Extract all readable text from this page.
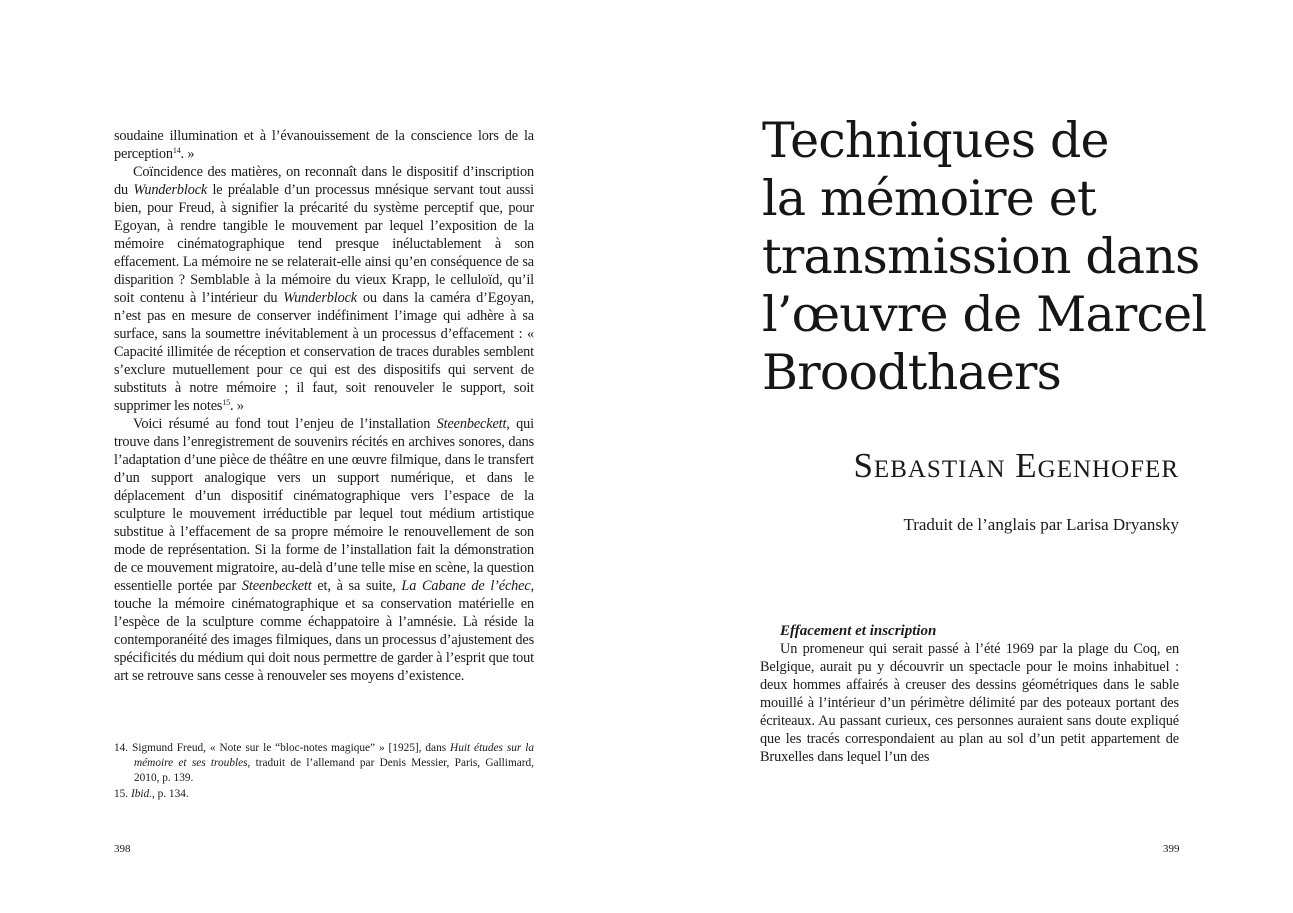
soudaine illumination et à l’évanouissement de la conscience lors de la perception$^{14}$. »

Coïncidence des matières, on reconnaît dans le dispositif d’inscription du Wunderblock le préalable d’un processus mnésique servant tout aussi bien, pour Freud, à signifier la précarité du système perceptif que, pour Egoyan, à rendre tangible le mouvement par lequel l’exposition de la mémoire cinématographique tend presque inéluctablement à son effacement. La mémoire ne se relaterait-elle ainsi qu’en conséquence de sa disparition ? Semblable à la mémoire du vieux Krapp, le celluloïd, qu’il soit contenu à l’intérieur du Wunderblock ou dans la caméra d’Egoyan, n’est pas en mesure de conserver indéfiniment l’image qui adhère à sa surface, sans la soumettre inévitablement à un processus d’effacement : « Capacité illimitée de réception et conservation de traces durables semblent s’exclure mutuellement pour ce qui est des dispositifs qui servent de substituts à notre mémoire ; il faut, soit renouveler le support, soit supprimer les notes$^{15}$. »

Voici résumé au fond tout l’enjeu de l’installation Steenbeckett, qui trouve dans l’enregistrement de souvenirs récités en archives sonores, dans l’adaptation d’une pièce de théâtre en une œuvre filmique, dans le transfert d’un support analogique vers un support numérique, et dans le déplacement d’un dispositif cinématographique vers l’espace de la sculpture le mouvement irréductible par lequel tout médium artistique substitue à l’effacement de sa propre mémoire le renouvellement de son mode de représentation. Si la forme de l’installation fait la démonstration de ce mouvement migratoire, au-delà d’une telle mise en scène, la question essentielle portée par Steenbeckett et, à sa suite, La Cabane de l’échec, touche la mémoire cinématographique et sa conservation matérielle en l’espèce de la sculpture comme échappatoire à l’amnésie. Là réside la contemporanéité des images filmiques, dans un processus d’ajustement des spécificités du médium qui doit nous permettre de garder à l’esprit que tout art se retrouve sans cesse à renouveler ses moyens d’existence.

14. Sigmund Freud, « Note sur le “bloc-notes magique” » [1925], dans Huit études sur la mémoire et ses troubles, traduit de l’allemand par Denis Messier, Paris, Gallimard, 2010, p. 139.

15. Ibid., p. 134.

398
Techniques de
la mémoire et
transmission dans
l’œuvre de Marcel
Broodthaers
Sebastian Egenhofer
Traduit de l’anglais par Larisa Dryansky
Effacement et inscription

Un promeneur qui serait passé à l’été 1969 par la plage du Coq, en Belgique, aurait pu y découvrir un spectacle pour le moins inhabituel : deux hommes affairés à creuser des dessins géométriques dans le sable mouillé à l’intérieur d’un périmètre délimité par des poteaux portant des écriteaux. Au passant curieux, ces personnes auraient sans doute expliqué que les tracés correspondaient au plan au sol d’un petit appartement de Bruxelles dans lequel l’un des

399
